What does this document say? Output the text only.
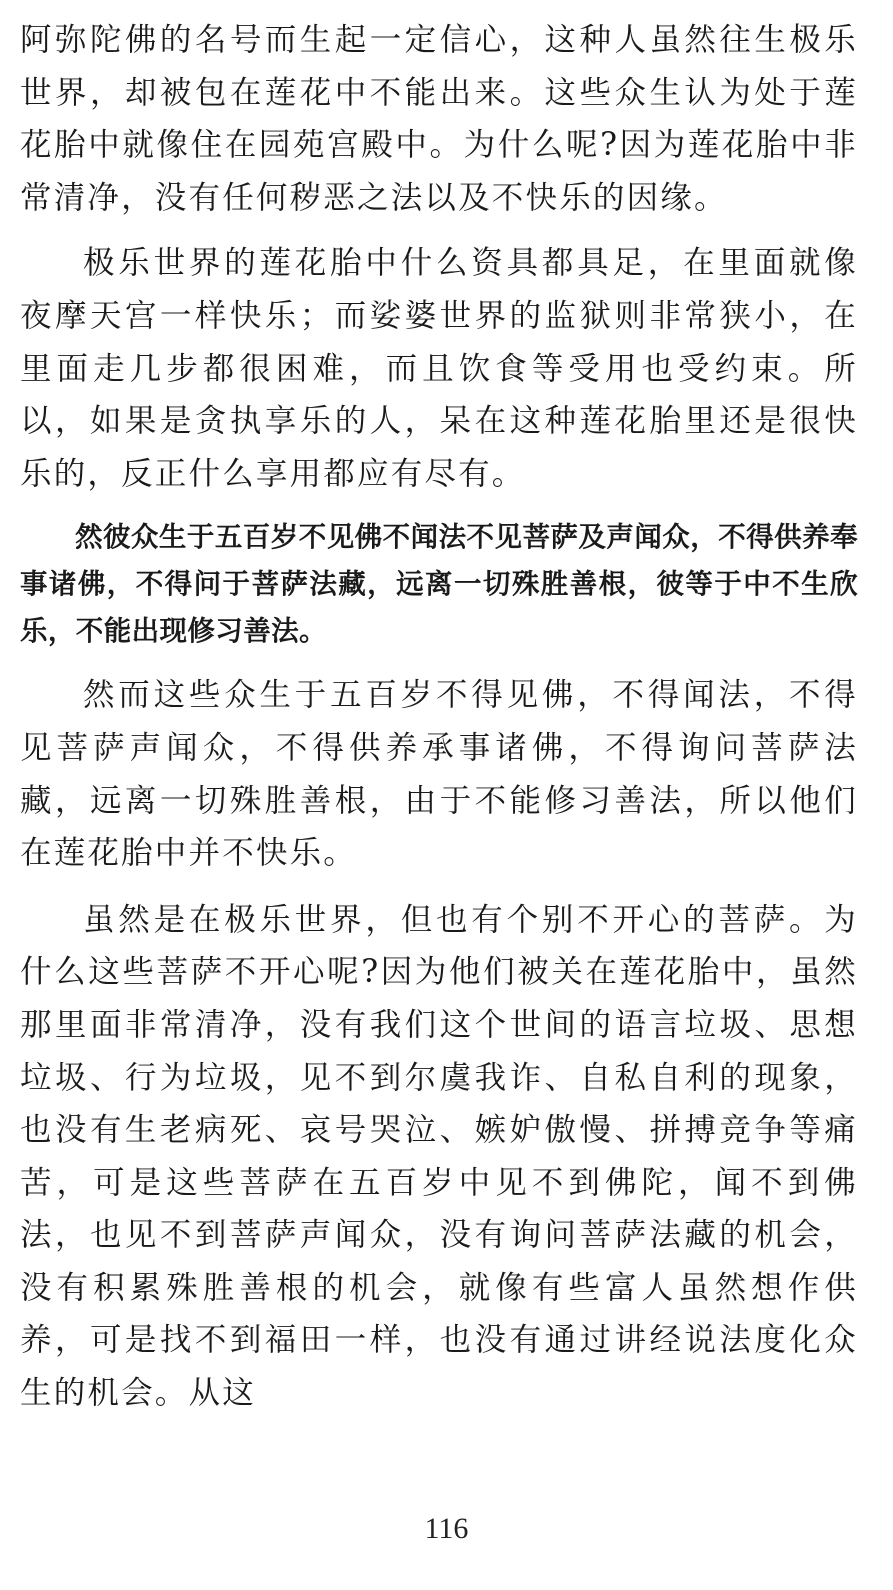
阿弥陀佛的名号而生起一定信心，这种人虽然往生极乐世界，却被包在莲花中不能出来。这些众生认为处于莲花胎中就像住在园苑宫殿中。为什么呢?因为莲花胎中非常清净，没有任何秽恶之法以及不快乐的因缘。

极乐世界的莲花胎中什么资具都具足，在里面就像夜摩天宫一样快乐；而娑婆世界的监狱则非常狭小，在里面走几步都很困难，而且饮食等受用也受约束。所以，如果是贪执享乐的人，呆在这种莲花胎里还是很快乐的，反正什么享用都应有尽有。

然彼众生于五百岁不见佛不闻法不见菩萨及声闻众，不得供养奉事诸佛，不得问于菩萨法藏，远离一切殊胜善根，彼等于中不生欣乐，不能出现修习善法。

然而这些众生于五百岁不得见佛，不得闻法，不得见菩萨声闻众，不得供养承事诸佛，不得询问菩萨法藏，远离一切殊胜善根，由于不能修习善法，所以他们在莲花胎中并不快乐。

虽然是在极乐世界，但也有个别不开心的菩萨。为什么这些菩萨不开心呢?因为他们被关在莲花胎中，虽然那里面非常清净，没有我们这个世间的语言垃圾、思想垃圾、行为垃圾，见不到尔虞我诈、自私自利的现象，也没有生老病死、哀号哭泣、嫉妒傲慢、拼搏竞争等痛苦，可是这些菩萨在五百岁中见不到佛陀，闻不到佛法，也见不到菩萨声闻众，没有询问菩萨法藏的机会，没有积累殊胜善根的机会，就像有些富人虽然想作供养，可是找不到福田一样，也没有通过讲经说法度化众生的机会。从这

116
